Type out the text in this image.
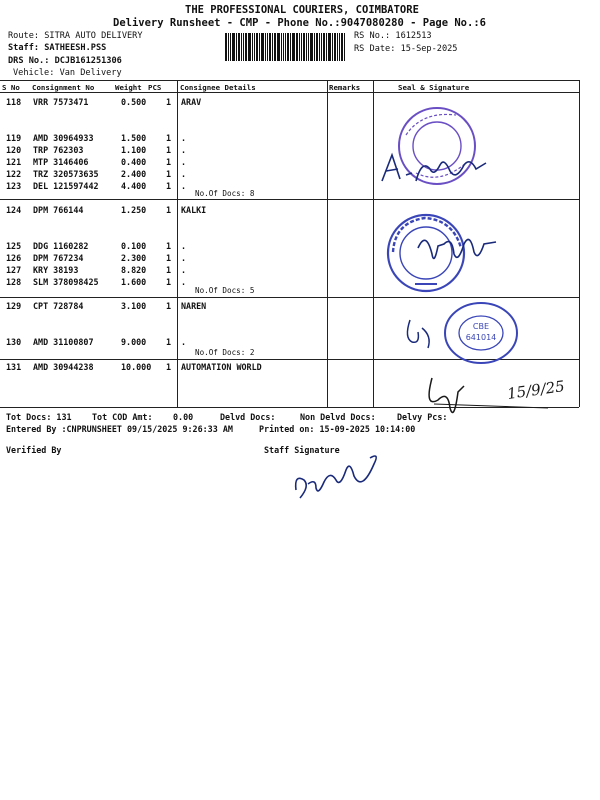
THE PROFESSIONAL COURIERS, COIMBATORE
Delivery Runsheet - CMP - Phone No.:9047080280 - Page No.:6
Route: SITRA AUTO DELIVERY
Staff: SATHEESH.PSS
DRS No.: DCJB161251306
Vehicle: Van Delivery
RS No.: 1612513
RS Date: 15-Sep-2025
S No Consignment No	Weight PCS	Consignee Details	Remarks	Seal & Signature
118 VRR 7573471	0.500 1 ARAV
119 AMD 30964933	1.500 1 .
120 TRP 762303	1.100 1 .
121 MTP 3146406	0.400 1 .
122 TRZ 320573635	2.400 1 .
123 DEL 121597442	4.400 1 .
124 DPM 766144	1.250 1 KALKI
125 DDG 1160282	0.100 1 .
126 DPM 767234	2.300 1 .
127 KRY 38193	8.820 1 .
128 SLM 378098425	1.600 1 .
129 CPT 728784	3.100 1 NAREN
130 AMD 31100807	9.000 1 .
131 AMD 30944238	10.000 1 AUTOMATION WORLD
No.Of Docs: 8
No.Of Docs: 5
No.Of Docs: 2
CBE
641014
15/9/25
Tot Docs: 131 Tot COD Amt: 0.00	Delvd Docs:	Non Delvd Docs:	Delvy Pcs:
Entered By :CNPRUNSHEET 09/15/2025 9:26:33 AM	Printed on: 15-09-2025 10:14:00
Verified By	Staff Signature
